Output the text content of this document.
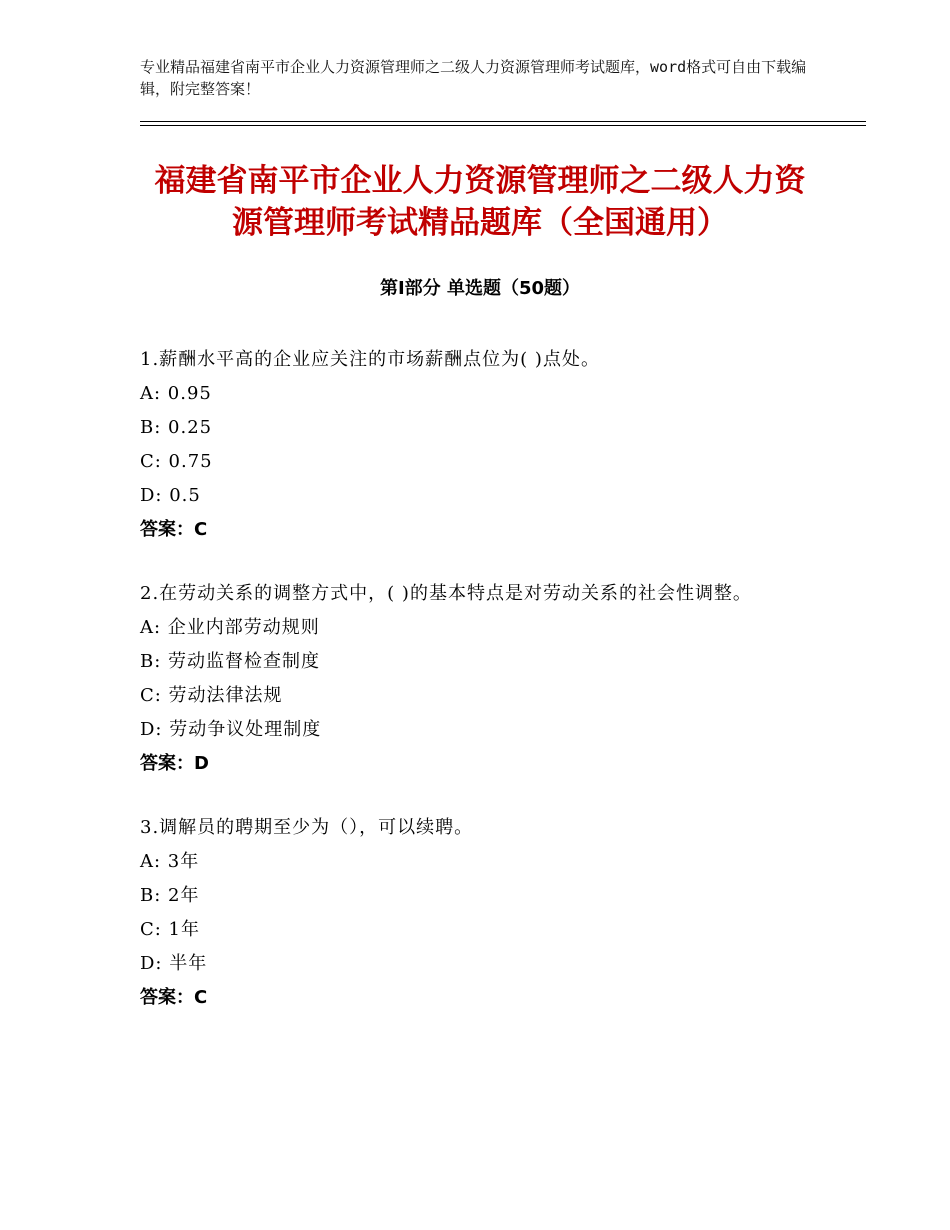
专业精品福建省南平市企业人力资源管理师之二级人力资源管理师考试题库，word格式可自由下载编辑，附完整答案！
福建省南平市企业人力资源管理师之二级人力资源管理师考试精品题库（全国通用）
第Ⅰ部分 单选题（50题）
1.薪酬水平高的企业应关注的市场薪酬点位为( )点处。
A: 0.95
B: 0.25
C: 0.75
D: 0.5
答案：C
2.在劳动关系的调整方式中，( )的基本特点是对劳动关系的社会性调整。
A: 企业内部劳动规则
B: 劳动监督检查制度
C: 劳动法律法规
D: 劳动争议处理制度
答案：D
3.调解员的聘期至少为（），可以续聘。
A: 3年
B: 2年
C: 1年
D: 半年
答案：C
